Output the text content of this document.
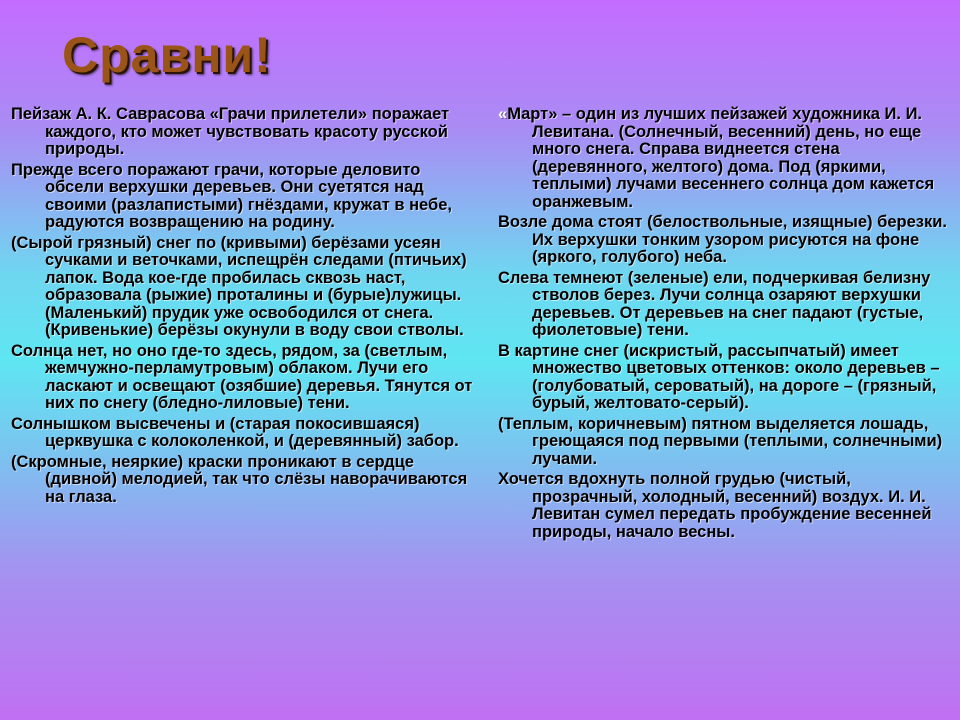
Сравни!

Пейзаж А. К. Саврасова «Грачи прилетели» поражает каждого, кто может чувствовать красоту русской природы.

Прежде всего поражают грачи, которые деловито обсели верхушки деревьев. Они суетятся над своими (разлапистыми) гнёздами, кружат в небе, радуются возвращению на родину.

(Сырой грязный) снег по (кривыми) берёзами усеян сучками и веточками, испещрён следами (птичьих) лапок. Вода кое-где пробилась сквозь наст, образовала (рыжие) проталины и (бурые)лужицы. (Маленький) прудик уже освободился от снега. (Кривенькие) берёзы окунули в воду свои стволы.

Солнца нет, но оно где-то здесь, рядом, за (светлым, жемчужно-перламутровым) облаком. Лучи его ласкают и освещают (озябшие) деревья. Тянутся от них по снегу (бледно-лиловые) тени.

Солнышком высвечены и (старая покосившаяся) церквушка с колоколенкой, и (деревянный) забор.

(Скромные, неяркие) краски проникают в сердце (дивной) мелодией, так что слёзы наворачиваются на глаза.

«Март» – один из лучших пейзажей художника И. И. Левитана. (Солнечный, весенний) день, но еще много снега. Справа виднеется стена (деревянного, желтого) дома. Под (яркими, теплыми) лучами весеннего солнца дом кажется оранжевым.

Возле дома стоят (белоствольные, изящные) березки. Их верхушки тонким узором рисуются на фоне (яркого, голубого) неба.

Слева темнеют (зеленые) ели, подчеркивая белизну стволов берез. Лучи солнца озаряют верхушки деревьев. От деревьев на снег падают (густые, фиолетовые) тени.

В картине снег (искристый, рассыпчатый) имеет множество цветовых оттенков: около деревьев – (голубоватый, сероватый), на дороге – (грязный, бурый, желтовато-серый).

(Теплым, коричневым) пятном выделяется лошадь, греющаяся под первыми (теплыми, солнечными) лучами.

Хочется вдохнуть полной грудью (чистый, прозрачный, холодный, весенний) воздух. И. И. Левитан сумел передать пробуждение весенней природы, начало весны.
